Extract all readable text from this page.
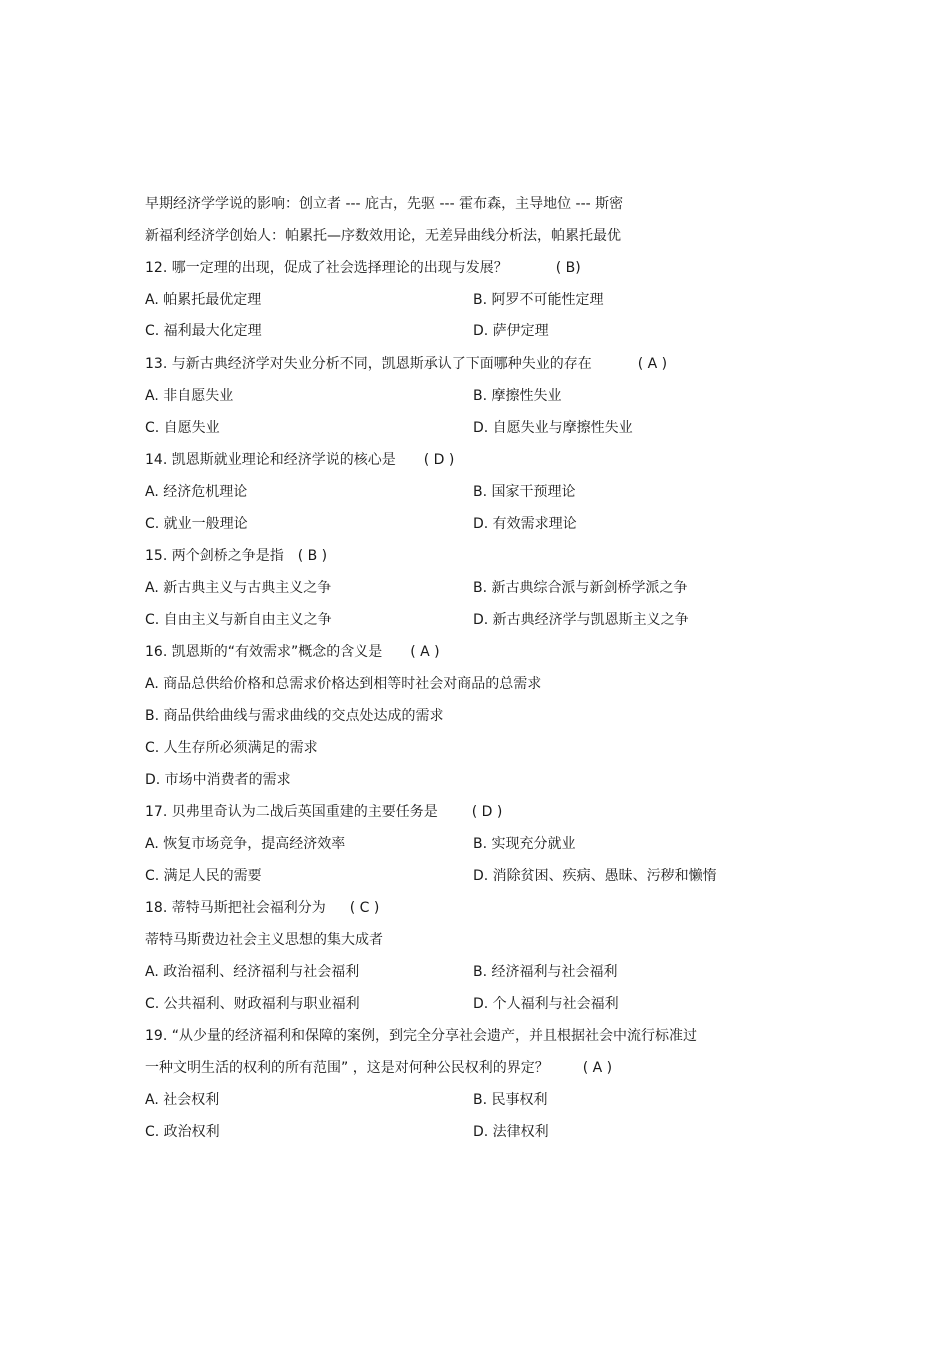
早期经济学学说的影响：创立者 --- 庇古，先驱 --- 霍布森，主导地位 --- 斯密
新福利经济学创始人：帕累托—序数效用论，无差异曲线分析法，帕累托最优
12. 哪一定理的出现，促成了社会选择理论的出现与发展？	( B)
A. 帕累托最优定理	B. 阿罗不可能性定理
C. 福利最大化定理	D. 萨伊定理
13. 与新古典经济学对失业分析不同，凯恩斯承认了下面哪种失业的存在	( A )
A. 非自愿失业	B. 摩擦性失业
C. 自愿失业	D. 自愿失业与摩擦性失业
14. 凯恩斯就业理论和经济学说的核心是 ( D )
A. 经济危机理论	B. 国家干预理论
C. 就业一般理论	D. 有效需求理论
15. 两个剑桥之争是指 ( B )
A. 新古典主义与古典主义之争	B. 新古典综合派与新剑桥学派之争
C. 自由主义与新自由主义之争	D. 新古典经济学与凯恩斯主义之争
16. 凯恩斯的“有效需求”概念的含义是 ( A )
A. 商品总供给价格和总需求价格达到相等时社会对商品的总需求
B. 商品供给曲线与需求曲线的交点处达成的需求
C. 人生存所必须满足的需求
D. 市场中消费者的需求
17. 贝弗里奇认为二战后英国重建的主要任务是 ( D )
A. 恢复市场竞争，提高经济效率	B. 实现充分就业
C. 满足人民的需要	D. 消除贫困、疾病、愚昧、污秽和懒惰
18. 蒂特马斯把社会福利分为 ( C )
蒂特马斯费边社会主义思想的集大成者
A. 政治福利、经济福利与社会福利	B. 经济福利与社会福利
C. 公共福利、财政福利与职业福利	D. 个人福利与社会福利
19. “从少量的经济福利和保障的案例，到完全分享社会遗产，并且根据社会中流行标准过
一种文明生活的权利的所有范围” ，这是对何种公民权利的界定？ ( A )
A. 社会权利	B. 民事权利
C. 政治权利	D. 法律权利
